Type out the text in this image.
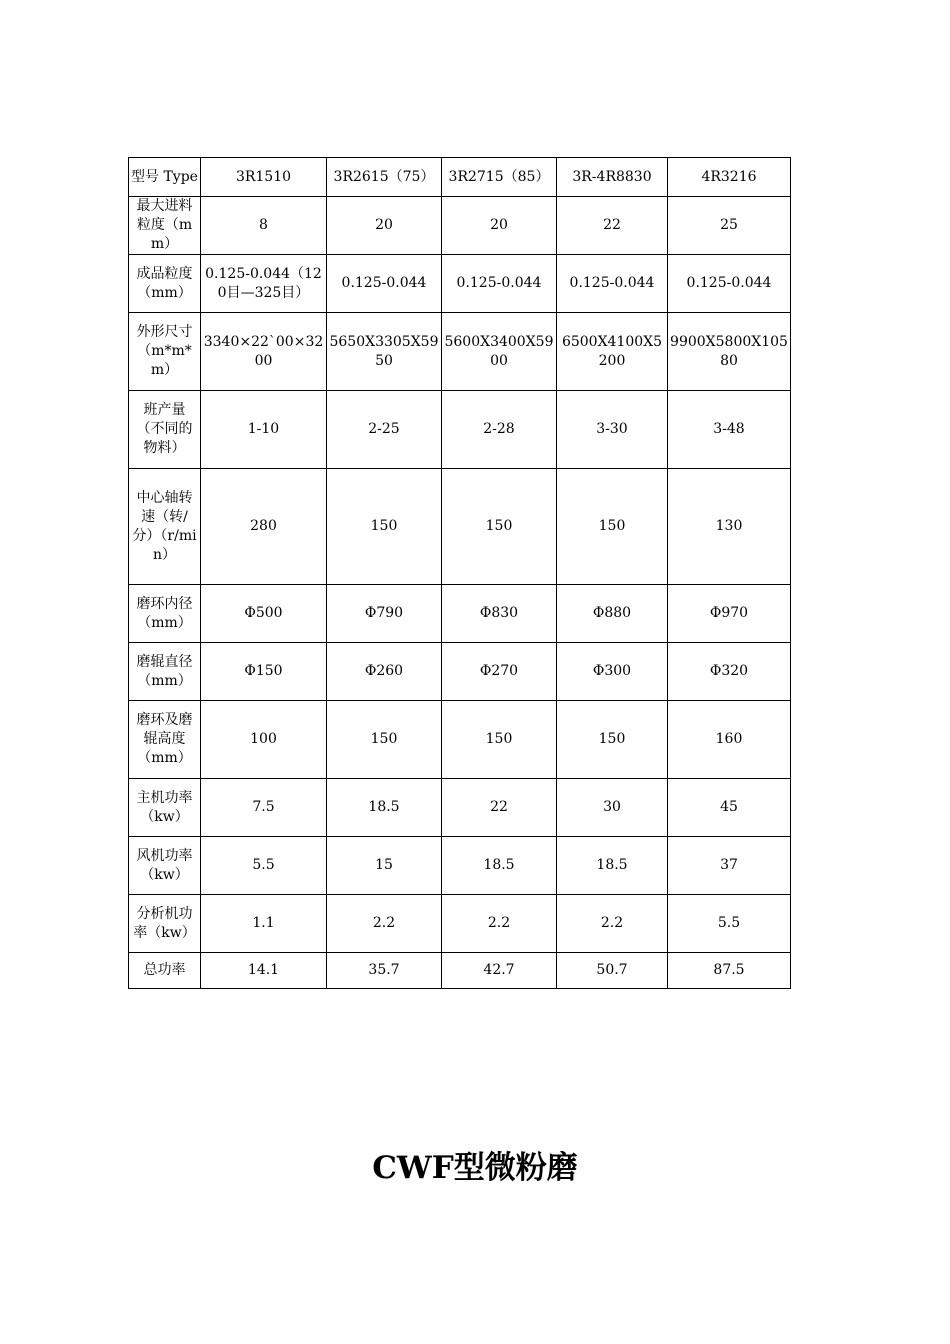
型号 Type	3R1510	3R2615（75）	3R2715（85）	3R-4R8830	4R3216
最大进料粒度（mm）	8	20	20	22	25
成品粒度（mm）	0.125-0.044（120目—325目）	0.125-0.044	0.125-0.044	0.125-0.044	0.125-0.044
外形尺寸（m*m*m）	3340×22`00×3200	5650X3305X5950	5600X3400X5900	6500X4100X5200	9900X5800X10580
班产量（不同的物料）	1-10	2-25	2-28	3-30	3-48
中心轴转速（转/分）（r/min）	280	150	150	150	130
磨环内径（mm）	Φ500	Φ790	Φ830	Φ880	Φ970
磨辊直径（mm）	Φ150	Φ260	Φ270	Φ300	Φ320
磨环及磨辊高度（mm）	100	150	150	150	160
主机功率（kw）	7.5	18.5	22	30	45
风机功率（kw）	5.5	15	18.5	18.5	37
分析机功率（kw）	1.1	2.2	2.2	2.2	5.5
总功率	14.1	35.7	42.7	50.7	87.5
CWF型微粉磨
